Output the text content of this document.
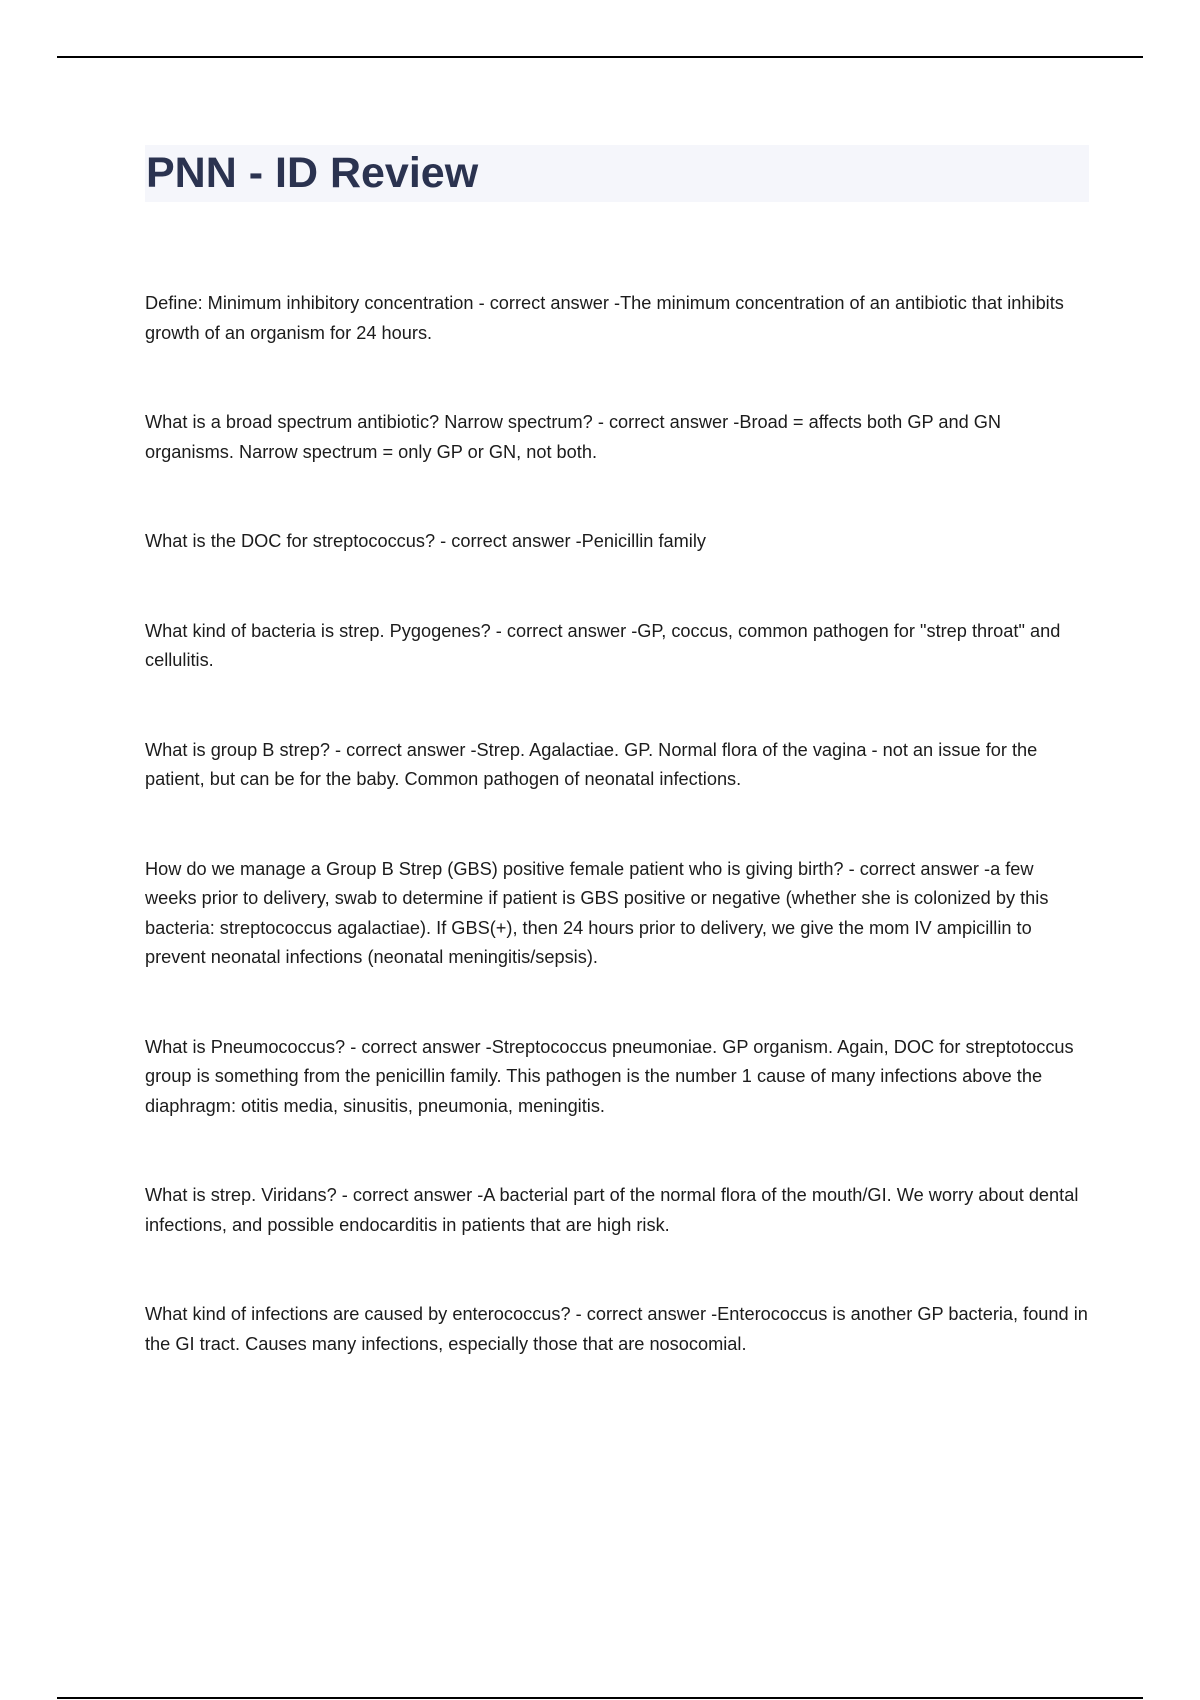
PNN - ID Review

Define: Minimum inhibitory concentration - correct answer -The minimum concentration of an antibiotic that inhibits growth of an organism for 24 hours.

What is a broad spectrum antibiotic? Narrow spectrum? - correct answer -Broad = affects both GP and GN organisms. Narrow spectrum = only GP or GN, not both.

What is the DOC for streptococcus? - correct answer -Penicillin family

What kind of bacteria is strep. Pygogenes? - correct answer -GP, coccus, common pathogen for "strep throat" and cellulitis.

What is group B strep? - correct answer -Strep. Agalactiae. GP. Normal flora of the vagina - not an issue for the patient, but can be for the baby. Common pathogen of neonatal infections.

How do we manage a Group B Strep (GBS) positive female patient who is giving birth? - correct answer -a few weeks prior to delivery, swab to determine if patient is GBS positive or negative (whether she is colonized by this bacteria: streptococcus agalactiae). If GBS(+), then 24 hours prior to delivery, we give the mom IV ampicillin to prevent neonatal infections (neonatal meningitis/sepsis).

What is Pneumococcus? - correct answer -Streptococcus pneumoniae. GP organism. Again, DOC for streptotoccus group is something from the penicillin family. This pathogen is the number 1 cause of many infections above the diaphragm: otitis media, sinusitis, pneumonia, meningitis.

What is strep. Viridans? - correct answer -A bacterial part of the normal flora of the mouth/GI. We worry about dental infections, and possible endocarditis in patients that are high risk.

What kind of infections are caused by enterococcus? - correct answer -Enterococcus is another GP bacteria, found in the GI tract. Causes many infections, especially those that are nosocomial.
